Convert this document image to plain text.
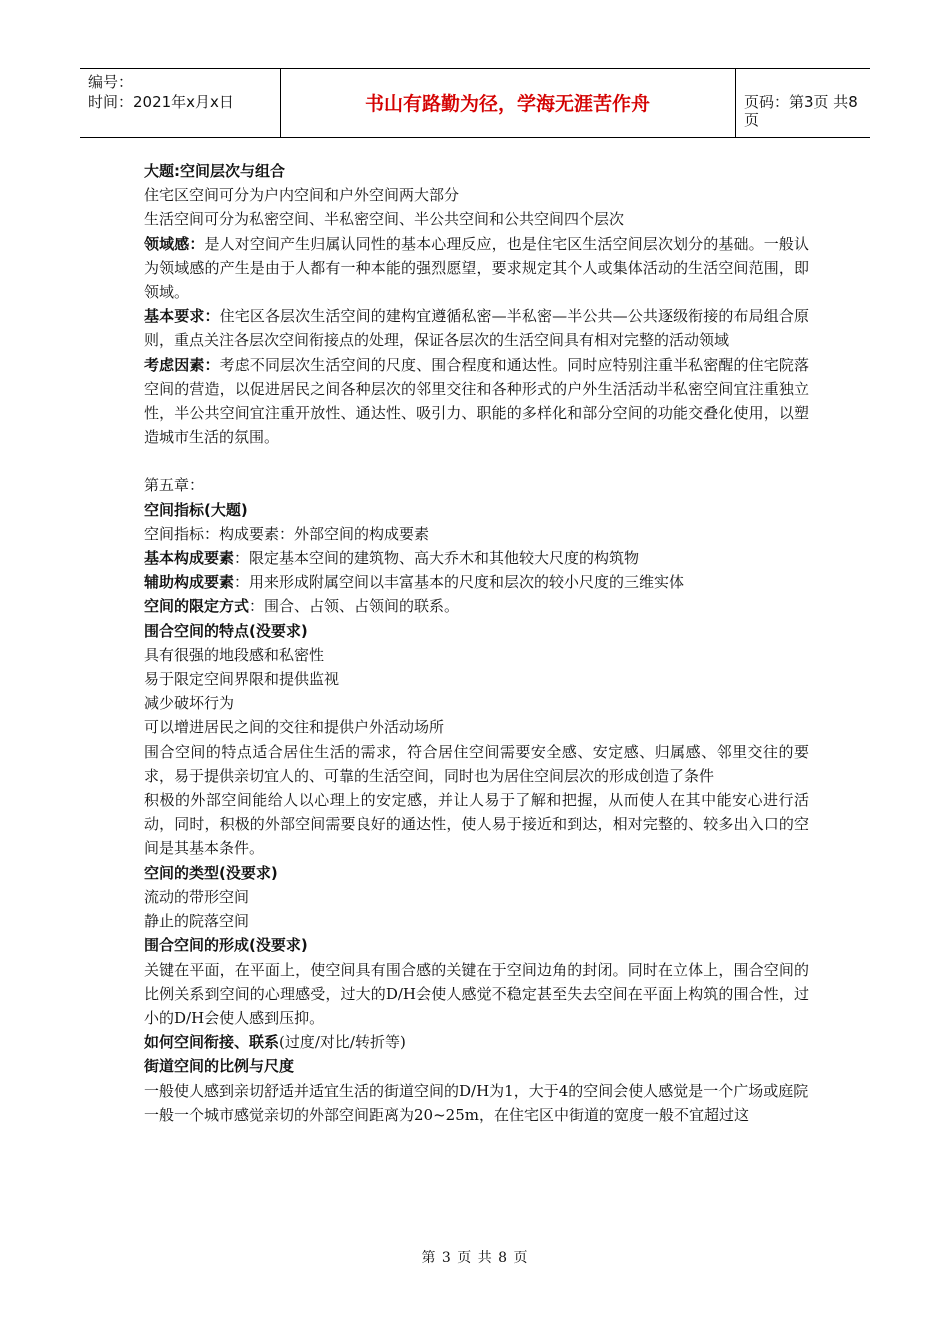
编号：
时间：2021年x月x日	书山有路勤为径，学海无涯苦作舟	页码：第3页 共8页

大题:空间层次与组合

住宅区空间可分为户内空间和户外空间两大部分

生活空间可分为私密空间、半私密空间、半公共空间和公共空间四个层次

领域感：是人对空间产生归属认同性的基本心理反应，也是住宅区生活空间层次划分的基础。一般认为领域感的产生是由于人都有一种本能的强烈愿望，要求规定其个人或集体活动的生活空间范围，即领域。

基本要求：住宅区各层次生活空间的建构宜遵循私密—半私密—半公共—公共逐级衔接的布局组合原则，重点关注各层次空间衔接点的处理，保证各层次的生活空间具有相对完整的活动领域

考虑因素：考虑不同层次生活空间的尺度、围合程度和通达性。同时应特别注重半私密醒的住宅院落空间的营造，以促进居民之间各种层次的邻里交往和各种形式的户外生活活动半私密空间宜注重独立性，半公共空间宜注重开放性、通达性、吸引力、职能的多样化和部分空间的功能交叠化使用，以塑造城市生活的氛围。

第五章：

空间指标(大题)

空间指标：构成要素：外部空间的构成要素

基本构成要素：限定基本空间的建筑物、高大乔木和其他较大尺度的构筑物

辅助构成要素：用来形成附属空间以丰富基本的尺度和层次的较小尺度的三维实体

空间的限定方式：围合、占领、占领间的联系。

围合空间的特点(没要求)

具有很强的地段感和私密性

易于限定空间界限和提供监视

减少破坏行为

可以增进居民之间的交往和提供户外活动场所

围合空间的特点适合居住生活的需求，符合居住空间需要安全感、安定感、归属感、邻里交往的要求，易于提供亲切宜人的、可靠的生活空间，同时也为居住空间层次的形成创造了条件

积极的外部空间能给人以心理上的安定感，并让人易于了解和把握，从而使人在其中能安心进行活动，同时，积极的外部空间需要良好的通达性，使人易于接近和到达，相对完整的、较多出入口的空间是其基本条件。

空间的类型(没要求)

流动的带形空间

静止的院落空间

围合空间的形成(没要求)

关键在平面，在平面上，使空间具有围合感的关键在于空间边角的封闭。同时在立体上，围合空间的比例关系到空间的心理感受，过大的D/H会使人感觉不稳定甚至失去空间在平面上构筑的围合性，过小的D/H会使人感到压抑。

如何空间衔接、联系(过度/对比/转折等)

街道空间的比例与尺度

一般使人感到亲切舒适并适宜生活的街道空间的D/H为1，大于4的空间会使人感觉是一个广场或庭院

一般一个城市感觉亲切的外部空间距离为20~25m，在住宅区中街道的宽度一般不宜超过这

第 3 页 共 8 页
